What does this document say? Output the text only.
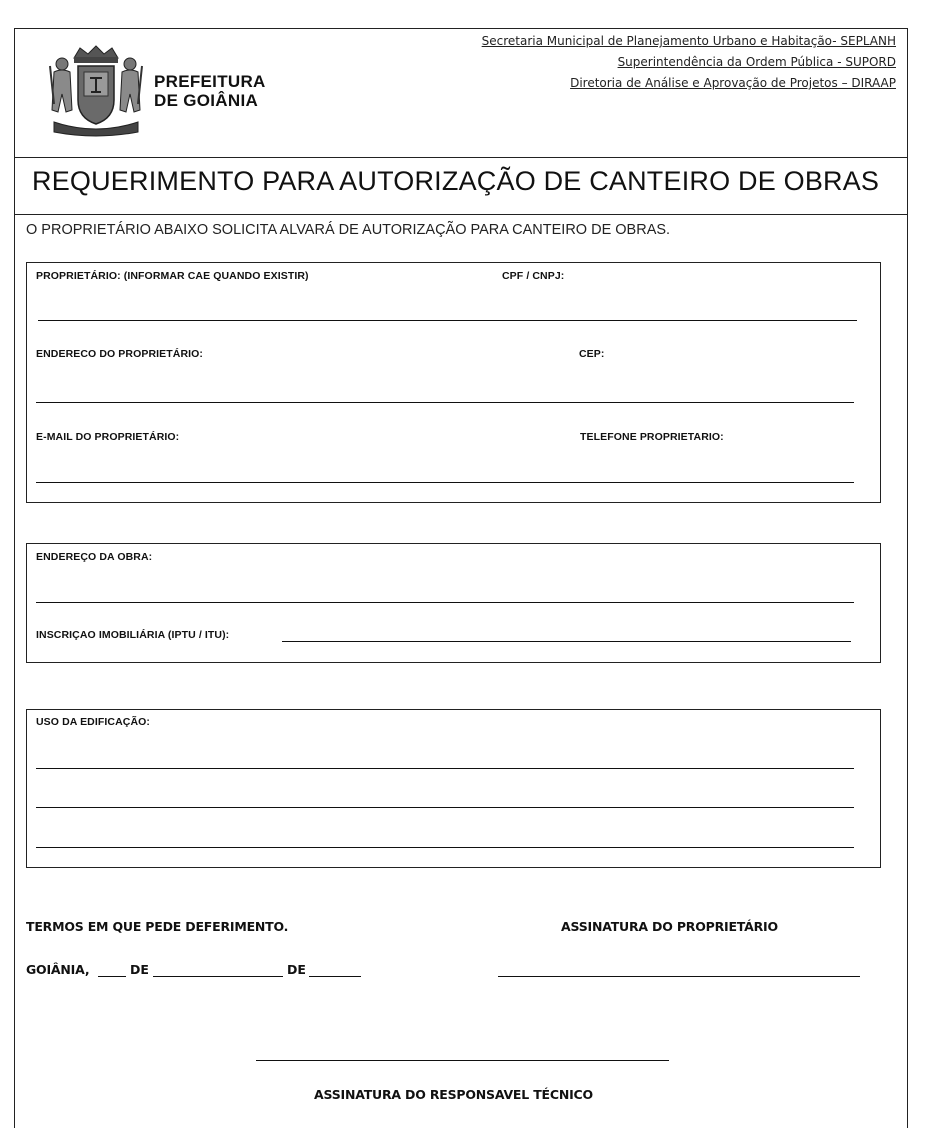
PREFEITURA
DE GOIÂNIA
Secretaria Municipal de Planejamento Urbano e Habitação- SEPLANH
Superintendência da Ordem Pública - SUPORD
Diretoria de Análise e Aprovação de Projetos – DIRAAP
REQUERIMENTO PARA AUTORIZAÇÃO DE CANTEIRO DE OBRAS
O PROPRIETÁRIO ABAIXO SOLICITA ALVARÁ DE AUTORIZAÇÃO PARA CANTEIRO DE OBRAS.
PROPRIETÁRIO: (INFORMAR CAE QUANDO EXISTIR)	CPF / CNPJ:
ENDERECO DO PROPRIETÁRIO:	CEP:
E-MAIL DO PROPRIETÁRIO:	TELEFONE PROPRIETARIO:
ENDEREÇO DA OBRA:
INSCRIÇAO IMOBILIÁRIA (IPTU / ITU):
USO DA EDIFICAÇÃO:
TERMOS EM QUE PEDE DEFERIMENTO.	ASSINATURA DO PROPRIETÁRIO
GOIÂNIA,	DE	DE
ASSINATURA DO RESPONSAVEL TÉCNICO
